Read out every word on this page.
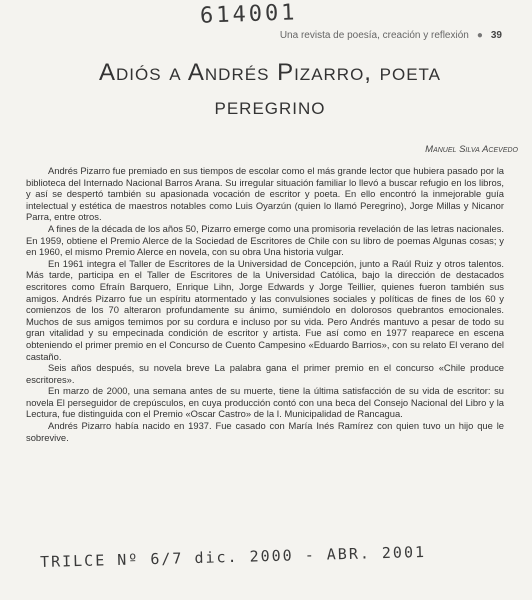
614001
Una revista de poesía, creación y reflexión ● 39
Adiós a Andrés Pizarro, poeta peregrino
Manuel Silva Acevedo

Andrés Pizarro fue premiado en sus tiempos de escolar como el más grande lector que hubiera pasado por la biblioteca del Internado Nacional Barros Arana. Su irregular situación familiar lo llevó a buscar refugio en los libros, y así se despertó también su apasionada vocación de escritor y poeta. En ello encontró la inmejorable guía intelectual y estética de maestros notables como Luis Oyarzún (quien lo llamó Peregrino), Jorge Millas y Nicanor Parra, entre otros.

A fines de la década de los años 50, Pizarro emerge como una promisoria revelación de las letras nacionales. En 1959, obtiene el Premio Alerce de la Sociedad de Escritores de Chile con su libro de poemas Algunas cosas; y en 1960, el mismo Premio Alerce en novela, con su obra Una historia vulgar.

En 1961 integra el Taller de Escritores de la Universidad de Concepción, junto a Raúl Ruiz y otros talentos. Más tarde, participa en el Taller de Escritores de la Universidad Católica, bajo la dirección de destacados escritores como Efraín Barquero, Enrique Lihn, Jorge Edwards y Jorge Teillier, quienes fueron también sus amigos. Andrés Pizarro fue un espíritu atormentado y las convulsiones sociales y políticas de fines de los 60 y comienzos de los 70 alteraron profundamente su ánimo, sumiéndolo en dolorosos quebrantos emocionales. Muchos de sus amigos temimos por su cordura e incluso por su vida. Pero Andrés mantuvo a pesar de todo su gran vitalidad y su empecinada condición de escritor y artista. Fue así como en 1977 reaparece en escena obteniendo el primer premio en el Concurso de Cuento Campesino «Eduardo Barrios», con su relato El verano del castaño.

Seis años después, su novela breve La palabra gana el primer premio en el concurso «Chile produce escritores».

En marzo de 2000, una semana antes de su muerte, tiene la última satisfacción de su vida de escritor: su novela El perseguidor de crepúsculos, en cuya producción contó con una beca del Consejo Nacional del Libro y la Lectura, fue distinguida con el Premio «Oscar Castro» de la I. Municipalidad de Rancagua.

Andrés Pizarro había nacido en 1937. Fue casado con María Inés Ramírez con quien tuvo un hijo que le sobrevive.

TRILCE Nº 6/7 dic. 2000 - ABR. 2001
